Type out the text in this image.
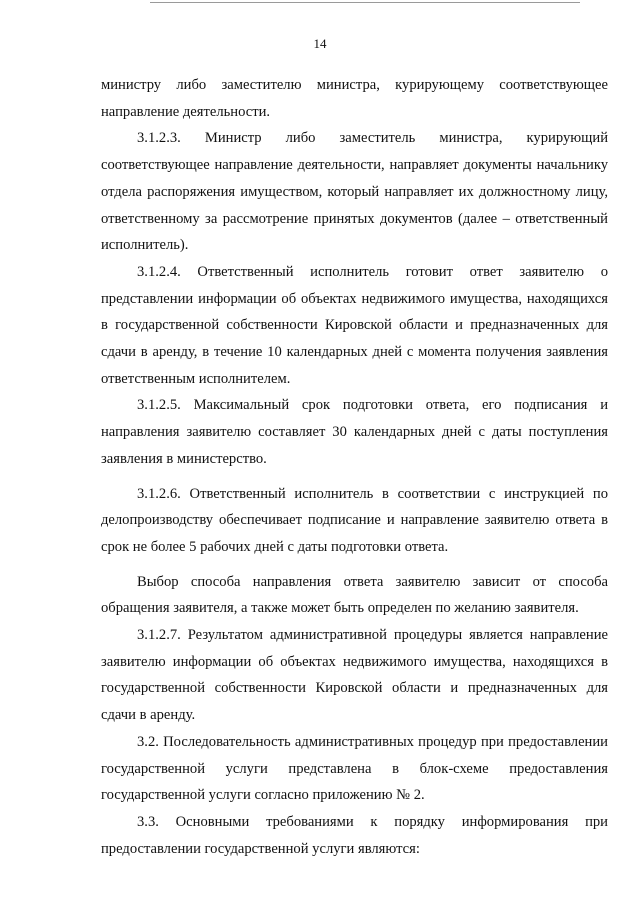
14

министру либо заместителю министра, курирующему соответствующее направление деятельности.

3.1.2.3. Министр либо заместитель министра, курирующий соответствующее направление деятельности, направляет документы начальнику отдела распоряжения имуществом, который направляет их должностному лицу, ответственному за рассмотрение принятых документов (далее – ответственный исполнитель).

3.1.2.4. Ответственный исполнитель готовит ответ заявителю о представлении информации об объектах недвижимого имущества, находящихся в государственной собственности Кировской области и предназначенных для сдачи в аренду, в течение 10 календарных дней с момента получения заявления ответственным исполнителем.

3.1.2.5. Максимальный срок подготовки ответа, его подписания и направления заявителю составляет 30 календарных дней с даты поступления заявления в министерство.

3.1.2.6. Ответственный исполнитель в соответствии с инструкцией по делопроизводству обеспечивает подписание и направление заявителю ответа в срок не более 5 рабочих дней с даты подготовки ответа.

Выбор способа направления ответа заявителю зависит от способа обращения заявителя, а также может быть определен по желанию заявителя.

3.1.2.7. Результатом административной процедуры является направление заявителю информации об объектах недвижимого имущества, находящихся в государственной собственности Кировской области и предназначенных для сдачи в аренду.

3.2. Последовательность административных процедур при предоставлении государственной услуги представлена в блок-схеме предоставления государственной услуги согласно приложению № 2.

3.3. Основными требованиями к порядку информирования при предоставлении государственной услуги являются:
